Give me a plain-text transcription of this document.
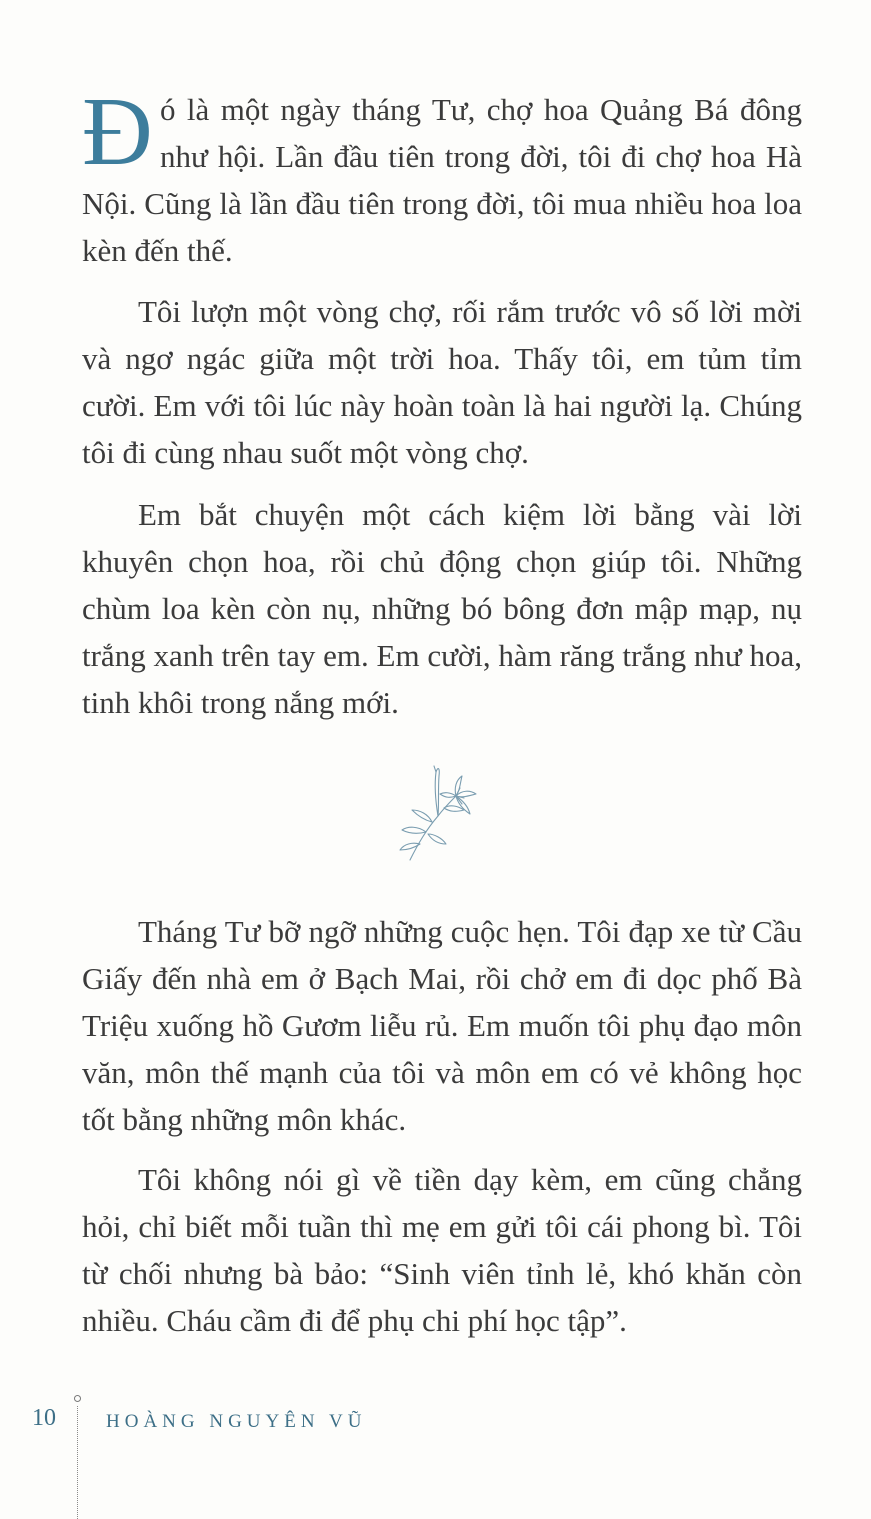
Đó là một ngày tháng Tư, chợ hoa Quảng Bá đông như hội. Lần đầu tiên trong đời, tôi đi chợ hoa Hà Nội. Cũng là lần đầu tiên trong đời, tôi mua nhiều hoa loa kèn đến thế.

Tôi lượn một vòng chợ, rối rắm trước vô số lời mời và ngơ ngác giữa một trời hoa. Thấy tôi, em tủm tỉm cười. Em với tôi lúc này hoàn toàn là hai người lạ. Chúng tôi đi cùng nhau suốt một vòng chợ.

Em bắt chuyện một cách kiệm lời bằng vài lời khuyên chọn hoa, rồi chủ động chọn giúp tôi. Những chùm loa kèn còn nụ, những bó bông đơn mập mạp, nụ trắng xanh trên tay em. Em cười, hàm răng trắng như hoa, tinh khôi trong nắng mới.

Tháng Tư bỡ ngỡ những cuộc hẹn. Tôi đạp xe từ Cầu Giấy đến nhà em ở Bạch Mai, rồi chở em đi dọc phố Bà Triệu xuống hồ Gươm liễu rủ. Em muốn tôi phụ đạo môn văn, môn thế mạnh của tôi và môn em có vẻ không học tốt bằng những môn khác.

Tôi không nói gì về tiền dạy kèm, em cũng chẳng hỏi, chỉ biết mỗi tuần thì mẹ em gửi tôi cái phong bì. Tôi từ chối nhưng bà bảo: “Sinh viên tỉnh lẻ, khó khăn còn nhiều. Cháu cầm đi để phụ chi phí học tập”.

10	HOÀNG NGUYÊN VŨ
